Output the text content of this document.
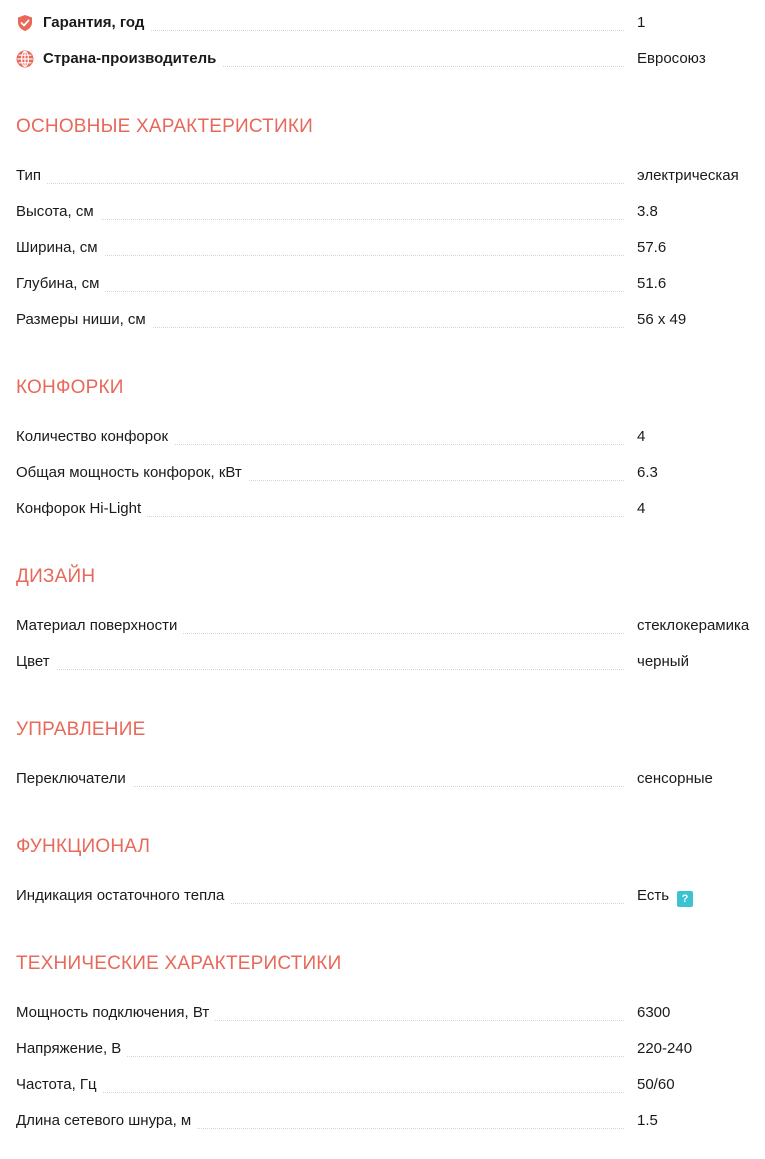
Гарантия, год	1
Страна-производитель	Евросоюз
ОСНОВНЫЕ ХАРАКТЕРИСТИКИ
Тип	электрическая
Высота, см	3.8
Ширина, см	57.6
Глубина, см	51.6
Размеры ниши, см	56 x 49
КОНФОРКИ
Количество конфорок	4
Общая мощность конфорок, кВт	6.3
Конфорок Hi-Light	4
ДИЗАЙН
Материал поверхности	стеклокерамика
Цвет	черный
УПРАВЛЕНИЕ
Переключатели	сенсорные
ФУНКЦИОНАЛ
Индикация остаточного тепла	Есть ?
ТЕХНИЧЕСКИЕ ХАРАКТЕРИСТИКИ
Мощность подключения, Вт	6300
Напряжение, В	220-240
Частота, Гц	50/60
Длина сетевого шнура, м	1.5
